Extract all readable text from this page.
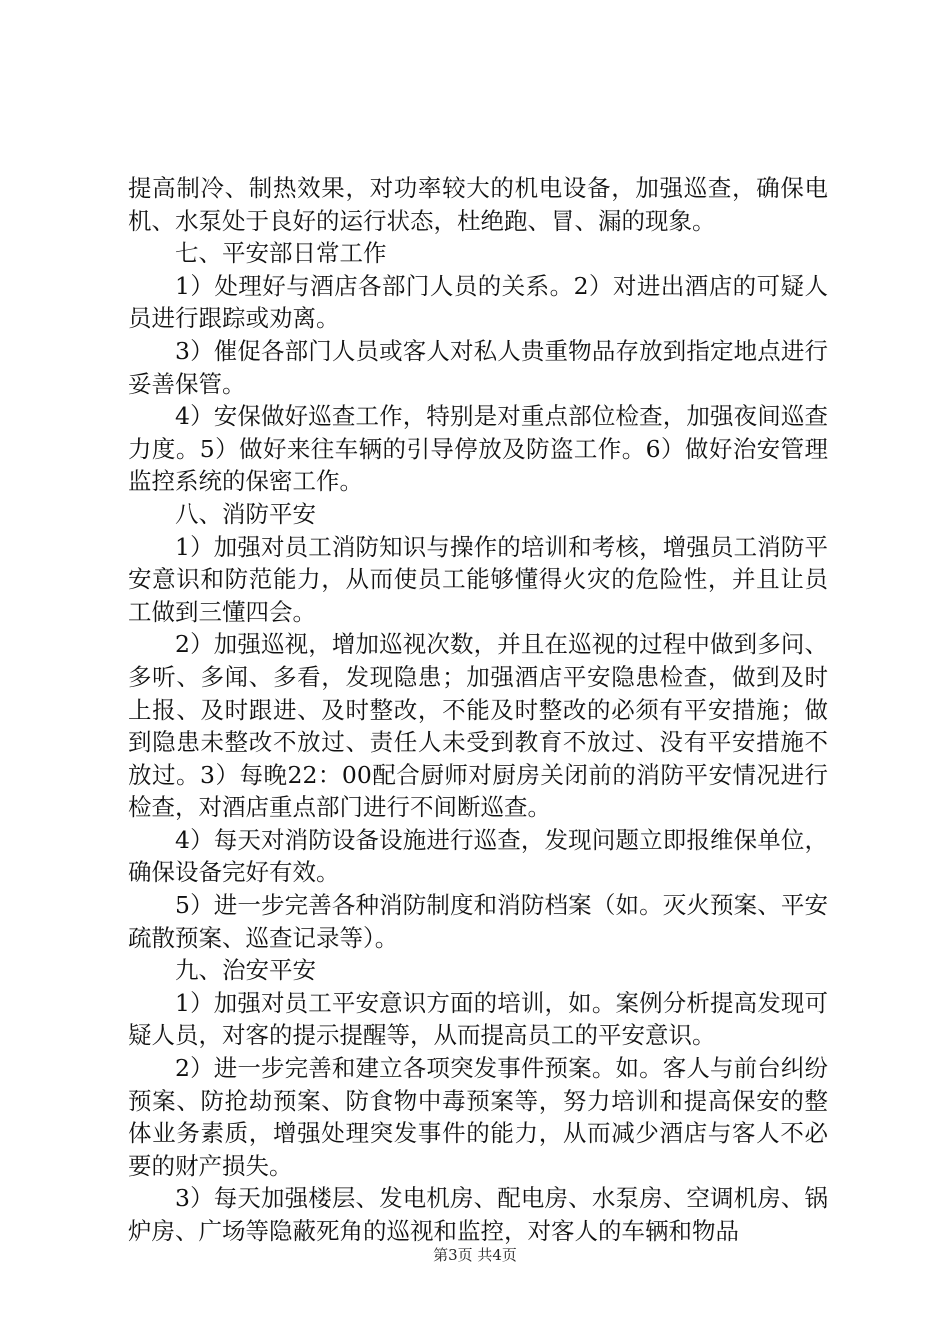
提高制冷、制热效果，对功率较大的机电设备，加强巡查，确保电机、水泵处于良好的运行状态，杜绝跑、冒、漏的现象。

七、平安部日常工作

1）处理好与酒店各部门人员的关系。2）对进出酒店的可疑人员进行跟踪或劝离。

3）催促各部门人员或客人对私人贵重物品存放到指定地点进行妥善保管。

4）安保做好巡查工作，特别是对重点部位检查，加强夜间巡查力度。5）做好来往车辆的引导停放及防盗工作。6）做好治安管理监控系统的保密工作。

八、消防平安

1）加强对员工消防知识与操作的培训和考核，增强员工消防平安意识和防范能力，从而使员工能够懂得火灾的危险性，并且让员工做到三懂四会。

2）加强巡视，增加巡视次数，并且在巡视的过程中做到多问、多听、多闻、多看，发现隐患；加强酒店平安隐患检查，做到及时上报、及时跟进、及时整改，不能及时整改的必须有平安措施；做到隐患未整改不放过、责任人未受到教育不放过、没有平安措施不放过。3）每晚22：00配合厨师对厨房关闭前的消防平安情况进行检查，对酒店重点部门进行不间断巡查。

4）每天对消防设备设施进行巡查，发现问题立即报维保单位，确保设备完好有效。

5）进一步完善各种消防制度和消防档案（如。灭火预案、平安疏散预案、巡查记录等）。

九、治安平安

1）加强对员工平安意识方面的培训，如。案例分析提高发现可疑人员，对客的提示提醒等，从而提高员工的平安意识。

2）进一步完善和建立各项突发事件预案。如。客人与前台纠纷预案、防抢劫预案、防食物中毒预案等，努力培训和提高保安的整体业务素质，增强处理突发事件的能力，从而减少酒店与客人不必要的财产损失。

3）每天加强楼层、发电机房、配电房、水泵房、空调机房、锅炉房、广场等隐蔽死角的巡视和监控，对客人的车辆和物品

第3页 共4页
